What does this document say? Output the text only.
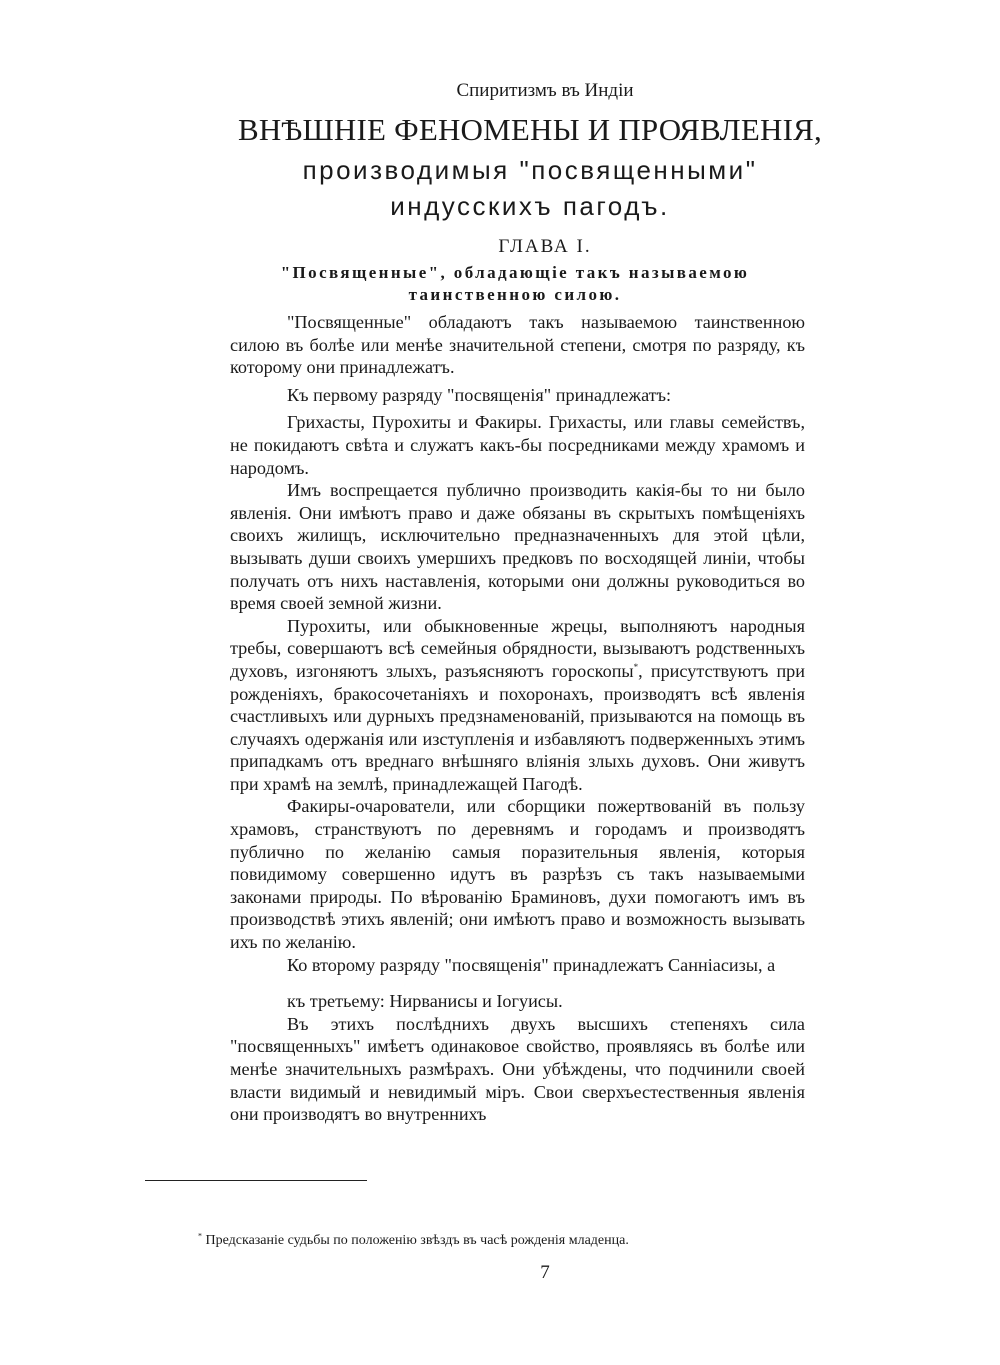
Спиритизмъ въ Индіи
ВНѢШНІЕ ФЕНОМЕНЫ И ПРОЯВЛЕНІЯ,
производимыя "посвященными"
индусскихъ пагодъ.
ГЛАВА I.
"Посвященные", обладающіе такъ называемою
таинственною силою.

"Посвященные" обладаютъ такъ называемою таинственною силою въ болѣе или менѣе значительной степени, смотря по разряду, къ которому они принадлежатъ.

Къ первому разряду "посвященія" принадлежатъ:

Грихасты, Пурохиты и Факиры. Грихасты, или главы семействъ, не покидаютъ свѣта и служатъ какъ-бы посредниками между храмомъ и народомъ.

Имъ воспрещается публично производить какія-бы то ни было явленія. Они имѣютъ право и даже обязаны въ скрытыхъ помѣщеніяхъ своихъ жилищъ, исключительно предназначенныхъ для этой цѣли, вызывать души своихъ умершихъ предковъ по восходящей линіи, чтобы получать отъ нихъ наставленія, которыми они должны руководиться во время своей земной жизни.

Пурохиты, или обыкновенные жрецы, выполняютъ народныя требы, совершаютъ всѣ семейныя обрядности, вызываютъ родственныхъ духовъ, изгоняютъ злыхъ, разъясняютъ гороскопы*, присутствуютъ при рожденіяхъ, бракосочетаніяхъ и похоронахъ, производятъ всѣ явленія счастливыхъ или дурныхъ предзнаменованій, призываются на помощь въ случаяхъ одержанія или изступленія и избавляютъ подверженныхъ этимъ припадкамъ отъ вреднаго внѣшняго вліянія злыхь духовъ. Они живутъ при храмѣ на землѣ, принадлежащей Пагодѣ.

Факиры-очарователи, или сборщики пожертвованій въ пользу храмовъ, странствуютъ по деревнямъ и городамъ и производятъ публично по желанію самыя поразительныя явленія, которыя повидимому совершенно идутъ въ разрѣзъ съ такъ называемыми законами природы. По вѣрованію Браминовъ, духи помогаютъ имъ въ производствѣ этихъ явленій; они имѣютъ право и возможность вызывать ихъ по желанію.

Ко второму разряду "посвященія" принадлежатъ Санніасизы, а

къ третьему: Нирванисы и Іогуисы.

Въ этихъ послѣднихъ двухъ высшихъ степеняхъ сила "посвященныхъ" имѣетъ одинаковое свойство, проявляясь въ болѣе или менѣе значительныхъ размѣрахъ. Они убѣждены, что подчинили своей власти видимый и невидимый міръ. Свои сверхъестественныя явленія они производятъ во внутреннихъ

* Предсказаніе судьбы по положенію звѣздъ въ часѣ рожденія младенца.
7
